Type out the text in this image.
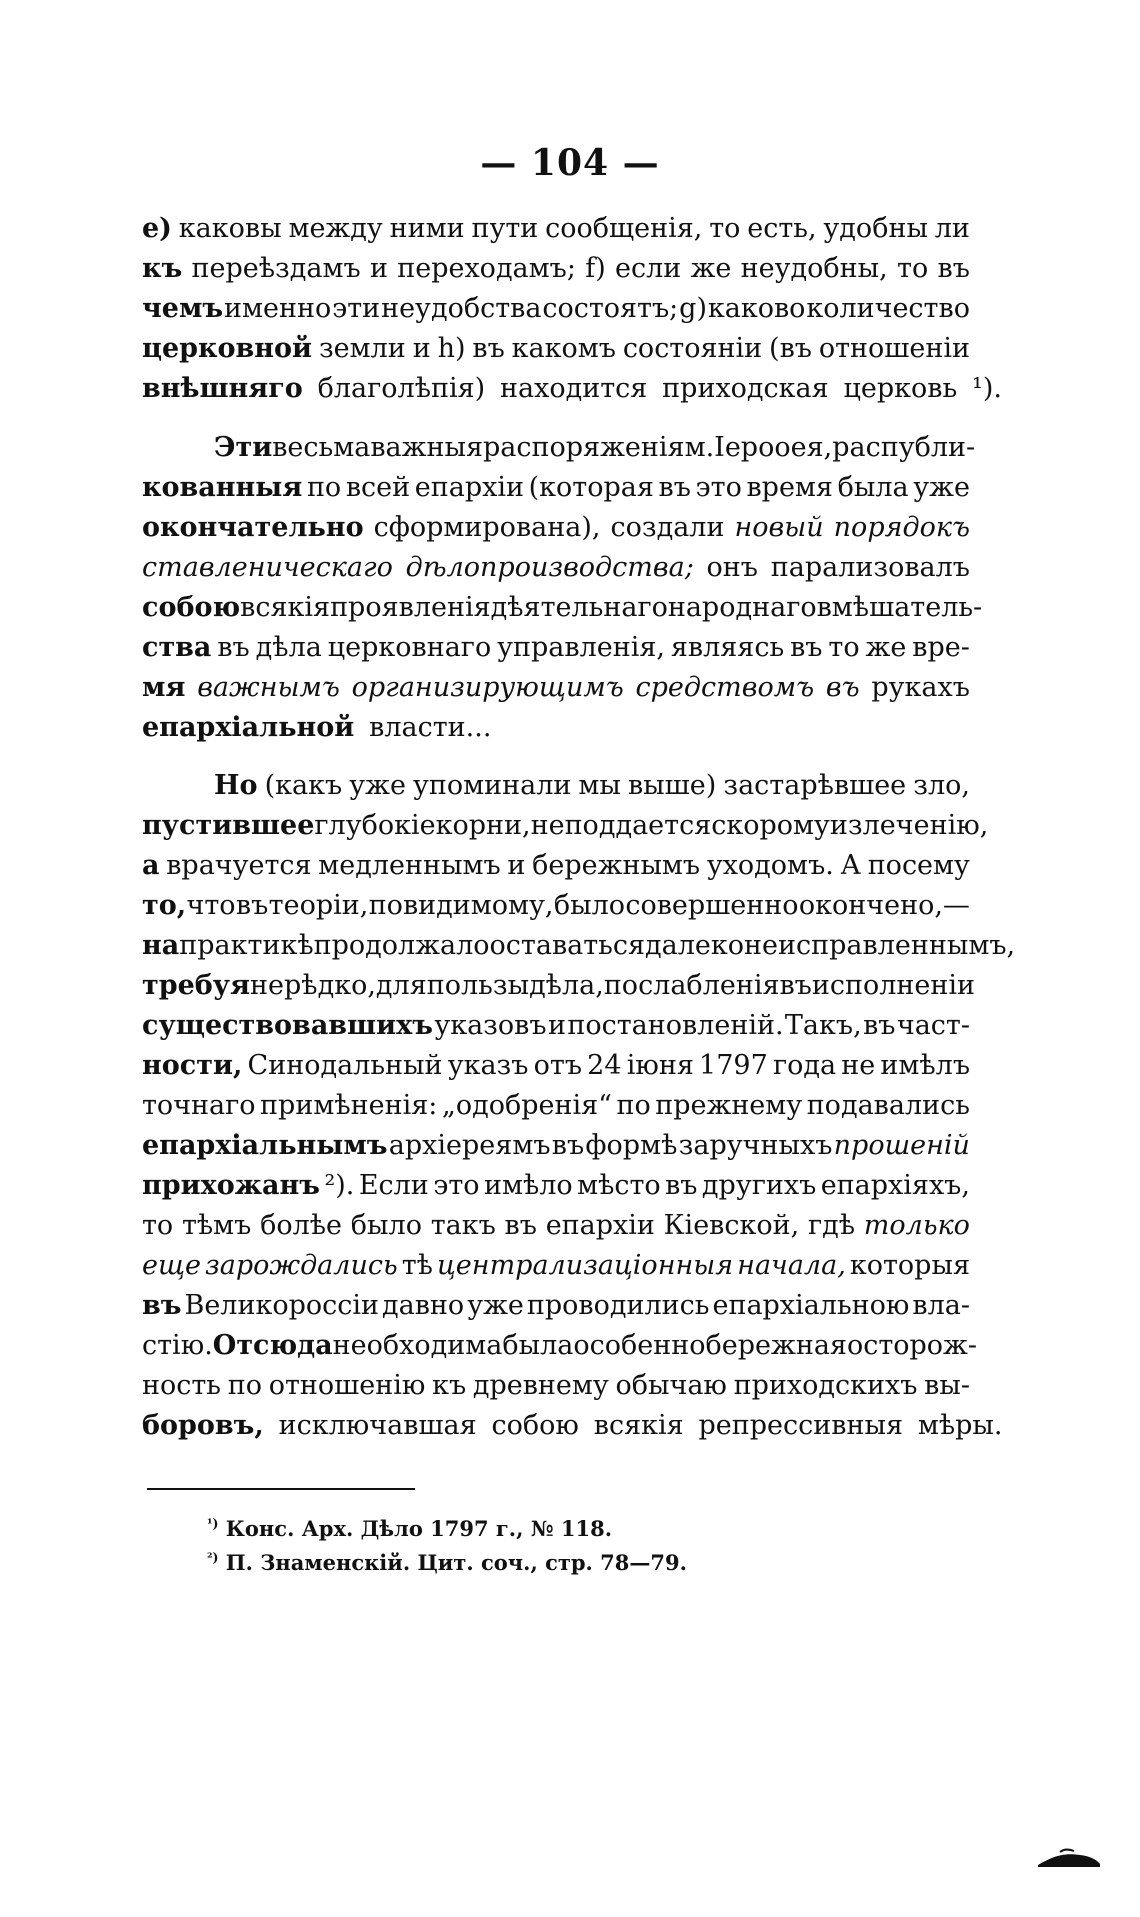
— 104 —
е) каковы между ними пути сообщенія, то есть, удобны ли
къ переѣздамъ и переходамъ; f) если же неудобны, то въ
чемъ именно эти неудобства состоятъ; g) каково количество
церковной земли и h) въ какомъ состояніи (въ отношеніи
внѣшняго благолѣпія) находится приходская церковь ¹).
Эти весьма важныя распоряженія м. Іерооея, распубли-
кованныя по всей епархіи (которая въ это время была уже
окончательно сформирована), создали новый порядокъ
ставленическаго дѣлопроизводства; онъ парализовалъ
собою всякія проявленія дѣятельнаго народнаго вмѣшатель-
ства въ дѣла церковнаго управленія, являясь въ то же вре-
мя важнымъ организирующимъ средствомъ въ рукахъ
епархіальной власти...
Но (какъ уже упоминали мы выше) застарѣвшее зло,
пустившее глубокіе корни, не поддается скорому излеченію,
а врачуется медленнымъ и бережнымъ уходомъ. А посему
то, что въ теоріи, повидимому, было совершенно окончено,—
на практикѣ продолжало оставаться далеко не исправленнымъ,
требуя нерѣдко, для пользы дѣла, послабленія въ исполненіи
существовавшихъ указовъ и постановленій. Такъ, въ част-
ности, Синодальный указъ отъ 24 іюня 1797 года не имѣлъ
точнаго примѣненія: „одобренія“ по прежнему подавались
епархіальнымъ архіереямъ въ формѣ заручныхъ прошеній
прихожанъ ²). Если это имѣло мѣсто въ другихъ епархіяхъ,
то тѣмъ болѣе было такъ въ епархіи Кіевской, гдѣ только
еще зарождались тѣ централизаціонныя начала, которыя
въ Великороссіи давно уже проводились епархіальною вла-
стію. Отсюда необходима была особенно бережная осторож-
ность по отношенію къ древнему обычаю приходскихъ вы-
боровъ, исключавшая собою всякія репрессивныя мѣры.
$^{^1)}$ Конс. Арх. Дѣло 1797 г., № 118.
$^{^2)}$ П. Знаменскій. Цит. соч., стр. 78—79.
